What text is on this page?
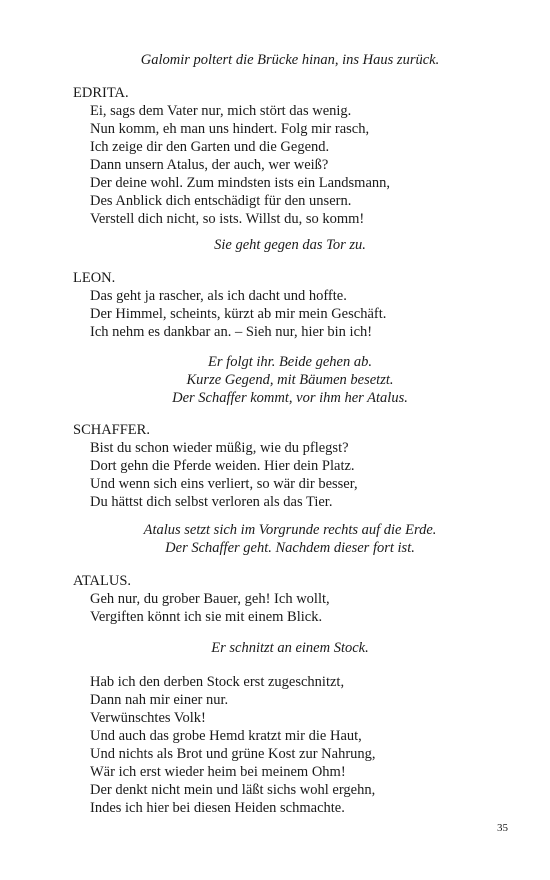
Galomir poltert die Brücke hinan, ins Haus zurück.
EDRITA.
Ei, sags dem Vater nur, mich stört das wenig.
Nun komm, eh man uns hindert. Folg mir rasch,
Ich zeige dir den Garten und die Gegend.
Dann unsern Atalus, der auch, wer weiß?
Der deine wohl. Zum mindsten ists ein Landsmann,
Des Anblick dich entschädigt für den unsern.
Verstell dich nicht, so ists. Willst du, so komm!
Sie geht gegen das Tor zu.
LEON.
Das geht ja rascher, als ich dacht und hoffte.
Der Himmel, scheints, kürzt ab mir mein Geschäft.
Ich nehm es dankbar an. – Sieh nur, hier bin ich!
Er folgt ihr. Beide gehen ab.
Kurze Gegend, mit Bäumen besetzt.
Der Schaffer kommt, vor ihm her Atalus.
SCHAFFER.
Bist du schon wieder müßig, wie du pflegst?
Dort gehn die Pferde weiden. Hier dein Platz.
Und wenn sich eins verliert, so wär dir besser,
Du hättst dich selbst verloren als das Tier.
Atalus setzt sich im Vorgrunde rechts auf die Erde.
Der Schaffer geht. Nachdem dieser fort ist.
ATALUS.
Geh nur, du grober Bauer, geh! Ich wollt,
Vergiften könnt ich sie mit einem Blick.
Er schnitzt an einem Stock.
Hab ich den derben Stock erst zugeschnitzt,
Dann nah mir einer nur.
Verwünschtes Volk!
Und auch das grobe Hemd kratzt mir die Haut,
Und nichts als Brot und grüne Kost zur Nahrung,
Wär ich erst wieder heim bei meinem Ohm!
Der denkt nicht mein und läßt sichs wohl ergehn,
Indes ich hier bei diesen Heiden schmachte.
35
